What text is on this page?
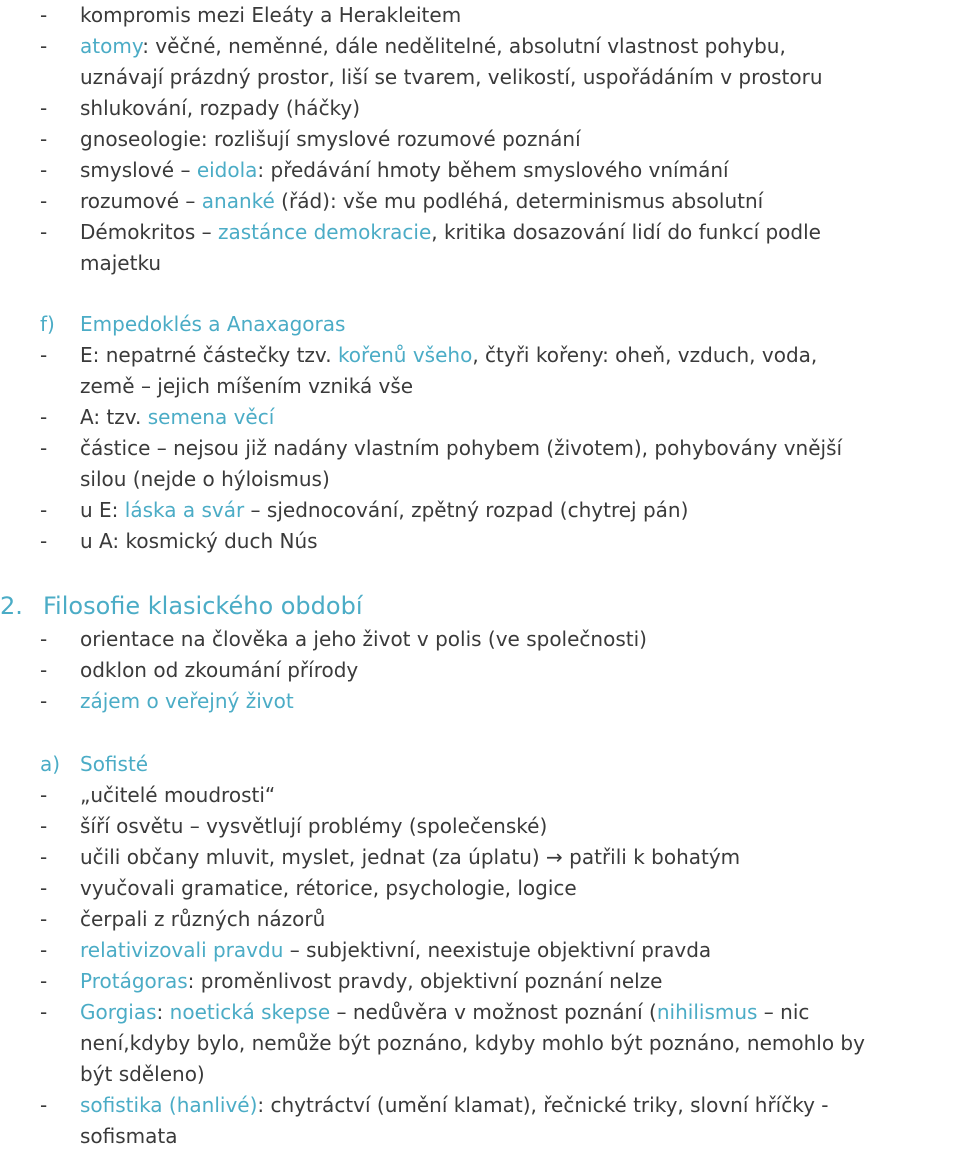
2. Filosofie klasického období
- kompromis mezi Eleáty a Herakleitem
- atomy: věčné, neměnné, dále nedělitelné, absolutní vlastnost pohybu,
uznávají prázdný prostor, liší se tvarem, velikostí, uspořádáním v prostoru
- shlukování, rozpady (háčky)
- gnoseologie: rozlišují smyslové rozumové poznání
- smyslové – eidola: předávání hmoty během smyslového vnímání
- rozumové – ananké (řád): vše mu podléhá, determinismus absolutní
- Démokritos – zastánce demokracie, kritika dosazování lidí do funkcí podle
majetku
f) Empedoklés a Anaxagoras
- E: nepatrné částečky tzv. kořenů všeho, čtyři kořeny: oheň, vzduch, voda,
země – jejich míšením vzniká vše
- A: tzv. semena věcí
- částice – nejsou již nadány vlastním pohybem (životem), pohybovány vnější
silou (nejde o hýloismus)
- u E: láska a svár – sjednocování, zpětný rozpad (chytrej pán)
- u A: kosmický duch Nús
- orientace na člověka a jeho život v polis (ve společnosti)
- odklon od zkoumání přírody
- zájem o veřejný život
a) Sofisté
- „učitelé moudrosti“
- šíří osvětu – vysvětlují problémy (společenské)
- učili občany mluvit, myslet, jednat (za úplatu) → patřili k bohatým
- vyučovali gramatice, rétorice, psychologie, logice
- čerpali z různých názorů
- relativizovali pravdu – subjektivní, neexistuje objektivní pravda
- Protágoras: proměnlivost pravdy, objektivní poznání nelze
- Gorgias: noetická skepse – nedůvěra v možnost poznání (nihilismus – nic
není,kdyby bylo, nemůže být poznáno, kdyby mohlo být poznáno, nemohlo by
být sděleno)
- sofistika (hanlivé): chytráctví (umění klamat), řečnické triky, slovní hříčky -
sofismata
